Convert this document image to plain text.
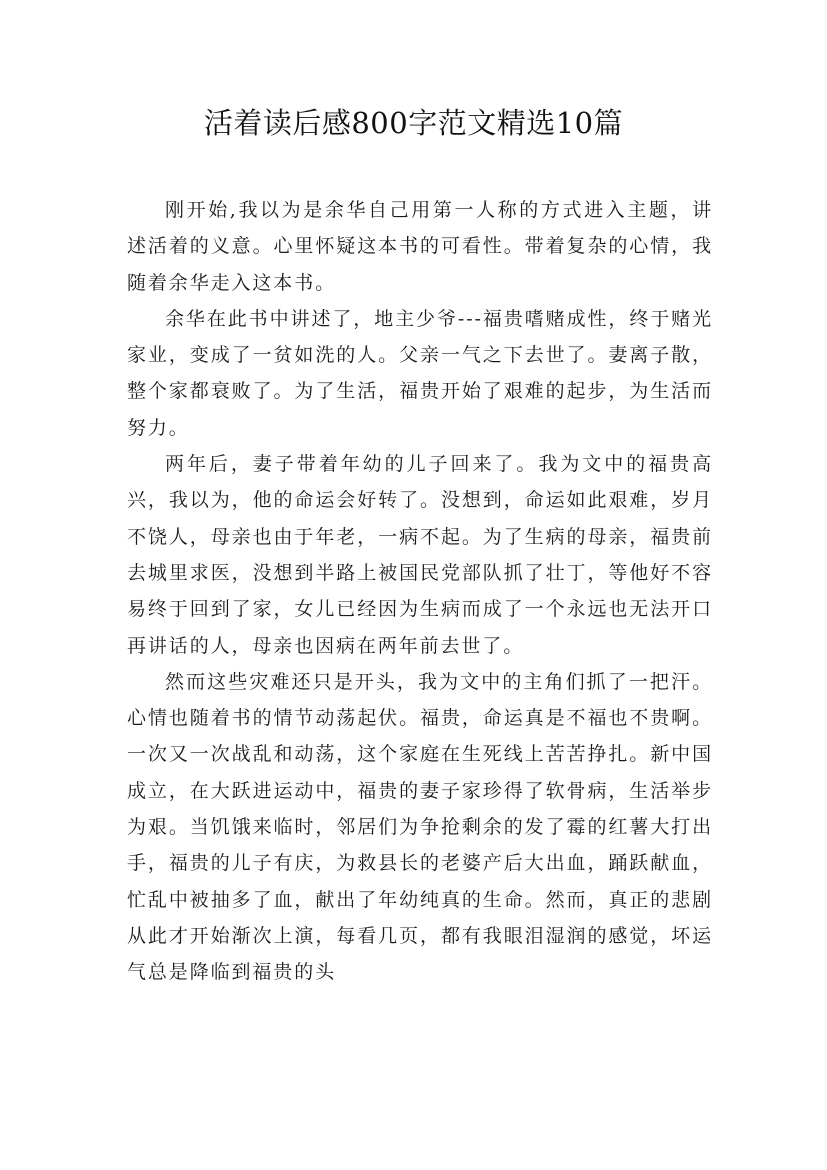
活着读后感800字范文精选10篇

刚开始,我以为是余华自己用第一人称的方式进入主题，讲述活着的义意。心里怀疑这本书的可看性。带着复杂的心情，我随着余华走入这本书。

余华在此书中讲述了，地主少爷---福贵嗜赌成性，终于赌光家业，变成了一贫如洗的人。父亲一气之下去世了。妻离子散，整个家都衰败了。为了生活，福贵开始了艰难的起步，为生活而努力。

两年后，妻子带着年幼的儿子回来了。我为文中的福贵高兴，我以为，他的命运会好转了。没想到，命运如此艰难，岁月不饶人，母亲也由于年老，一病不起。为了生病的母亲，福贵前去城里求医，没想到半路上被国民党部队抓了壮丁，等他好不容易终于回到了家，女儿已经因为生病而成了一个永远也无法开口再讲话的人，母亲也因病在两年前去世了。

然而这些灾难还只是开头，我为文中的主角们抓了一把汗。心情也随着书的情节动荡起伏。福贵，命运真是不福也不贵啊。一次又一次战乱和动荡，这个家庭在生死线上苦苦挣扎。新中国成立，在大跃进运动中，福贵的妻子家珍得了软骨病，生活举步为艰。当饥饿来临时，邻居们为争抢剩余的发了霉的红薯大打出手，福贵的儿子有庆，为救县长的老婆产后大出血，踊跃献血，忙乱中被抽多了血，献出了年幼纯真的生命。然而，真正的悲剧从此才开始渐次上演，每看几页，都有我眼泪湿润的感觉，坏运气总是降临到福贵的头
